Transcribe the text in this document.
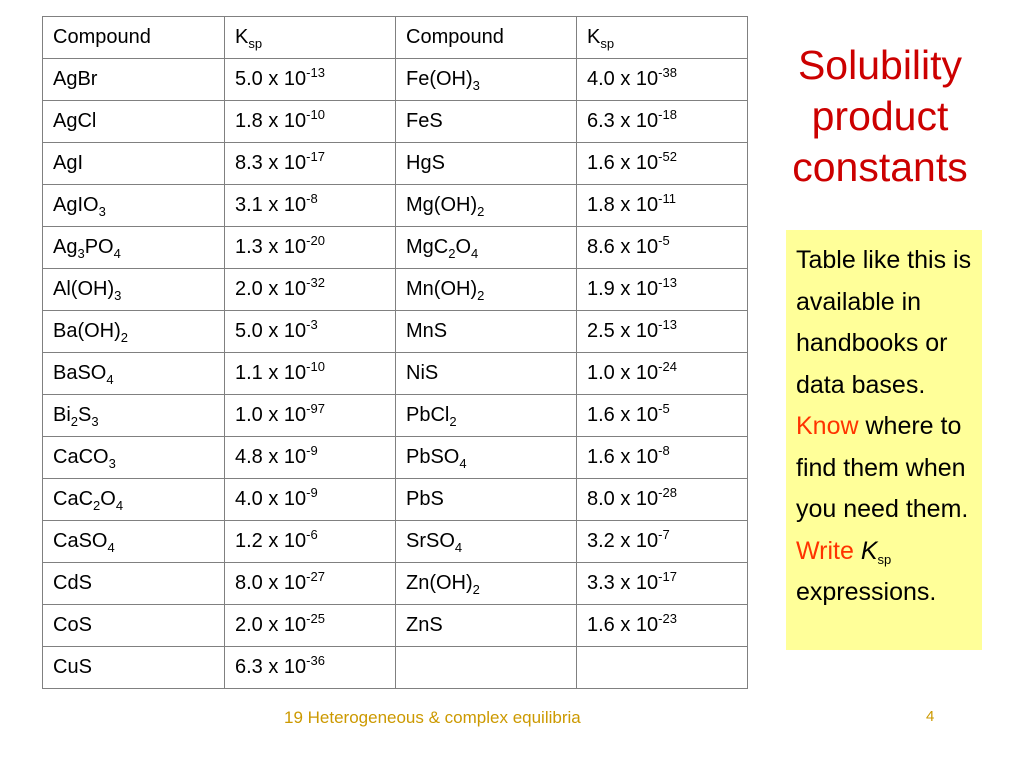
Compound	$K_{sp}$	Compound	$K_{sp}$
AgBr	5.0 x $10^{-13}$	$Fe(OH)_3$	4.0 x $10^{-38}$
AgCl	1.8 x $10^{-10}$	FeS	6.3 x $10^{-18}$
AgI	8.3 x $10^{-17}$	HgS	1.6 x $10^{-52}$
AgIO$_3$	3.1 x $10^{-8}$	$Mg(OH)_2$	1.8 x $10^{-11}$
$Ag_3PO_4$	1.3 x $10^{-20}$	$MgC_2O_4$	8.6 x $10^{-5}$
$Al(OH)_3$	2.0 x $10^{-32}$	$Mn(OH)_2$	1.9 x $10^{-13}$
$Ba(OH)_2$	5.0 x $10^{-3}$	MnS	2.5 x $10^{-13}$
BaSO$_4$	1.1 x $10^{-10}$	NiS	1.0 x $10^{-24}$
$Bi_2S_3$	1.0 x $10^{-97}$	PbCl$_2$	1.6 x $10^{-5}$
CaCO$_3$	4.8 x $10^{-9}$	PbSO$_4$	1.6 x $10^{-8}$
$CaC_2O_4$	4.0 x $10^{-9}$	PbS	8.0 x $10^{-28}$
CaSO$_4$	1.2 x $10^{-6}$	SrSO$_4$	3.2 x $10^{-7}$
CdS	8.0 x $10^{-27}$	$Zn(OH)_2$	3.3 x $10^{-17}$
CoS	2.0 x $10^{-25}$	ZnS	1.6 x $10^{-23}$
CuS	6.3 x $10^{-36}$		
Solubility product constants
Table like this is available in handbooks or data bases. Know where to find them when you need them. Write $K_{sp}$ expressions.
19 Heterogeneous & complex equilibria	4
